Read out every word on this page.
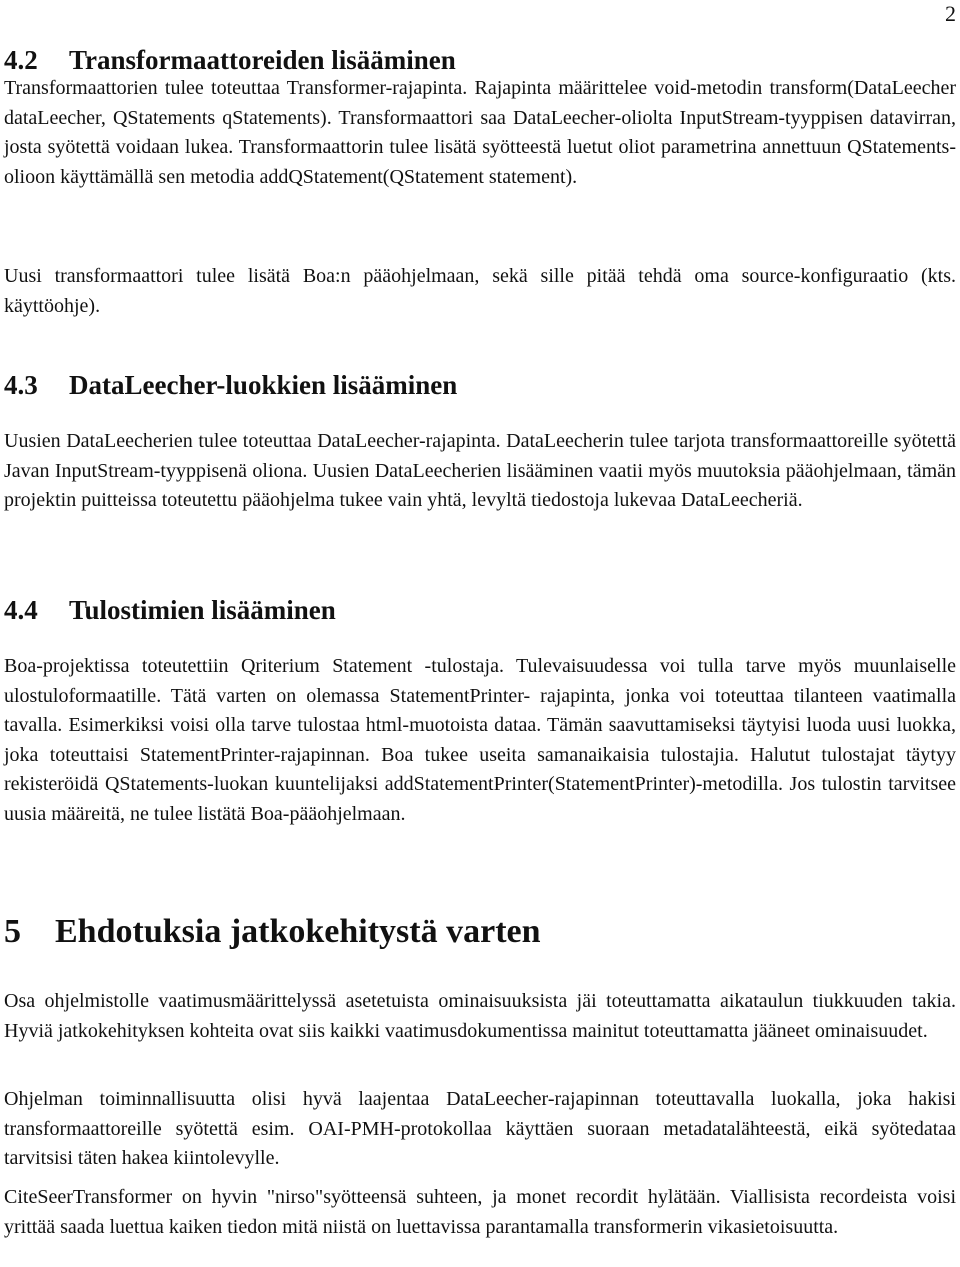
2
4.2 Transformaattoreiden lisääminen

Transformaattorien tulee toteuttaa Transformer-rajapinta. Rajapinta määrittelee void-metodin transform(DataLeecher dataLeecher, QStatements qStatements). Transformaattori saa DataLeecher-oliolta InputStream-tyyppisen datavirran, josta syötettä voidaan lukea. Transformaattorin tulee lisätä syötteestä luetut oliot parametrina annettuun QStatements-olioon käyttämällä sen metodia addQStatement(QStatement statement).

Uusi transformaattori tulee lisätä Boa:n pääohjelmaan, sekä sille pitää tehdä oma source-konfiguraatio (kts. käyttöohje).

4.3 DataLeecher-luokkien lisääminen

Uusien DataLeecherien tulee toteuttaa DataLeecher-rajapinta. DataLeecherin tulee tarjota transformaattoreille syötettä Javan InputStream-tyyppisenä oliona. Uusien DataLeecherien lisääminen vaatii myös muutoksia pääohjelmaan, tämän projektin puitteissa toteutettu pääohjelma tukee vain yhtä, levyltä tiedostoja lukevaa DataLeecheriä.

4.4 Tulostimien lisääminen

Boa-projektissa toteutettiin Qriterium Statement -tulostaja. Tulevaisuudessa voi tulla tarve myös muunlaiselle ulostuloformaatille. Tätä varten on olemassa StatementPrinter- rajapinta, jonka voi toteuttaa tilanteen vaatimalla tavalla. Esimerkiksi voisi olla tarve tulostaa html-muotoista dataa. Tämän saavuttamiseksi täytyisi luoda uusi luokka, joka toteuttaisi StatementPrinter-rajapinnan. Boa tukee useita samanaikaisia tulostajia. Halutut tulostajat täytyy rekisteröidä QStatements-luokan kuuntelijaksi addStatementPrinter(StatementPrinter)-metodilla. Jos tulostin tarvitsee uusia määreitä, ne tulee listätä Boa-pääohjelmaan.

5 Ehdotuksia jatkokehitystä varten

Osa ohjelmistolle vaatimusmäärittelyssä asetetuista ominaisuuksista jäi toteuttamatta aikataulun tiukkuuden takia. Hyviä jatkokehityksen kohteita ovat siis kaikki vaatimusdokumentissa mainitut toteuttamatta jääneet ominaisuudet.

Ohjelman toiminnallisuutta olisi hyvä laajentaa DataLeecher-rajapinnan toteuttavalla luokalla, joka hakisi transformaattoreille syötettä esim. OAI-PMH-protokollaa käyttäen suoraan metadatalähteestä, eikä syötedataa tarvitsisi täten hakea kiintolevylle.

CiteSeerTransformer on hyvin "nirso"syötteensä suhteen, ja monet recordit hylätään. Viallisista recordeista voisi yrittää saada luettua kaiken tiedon mitä niistä on luettavissa parantamalla transformerin vikasietoisuutta.
